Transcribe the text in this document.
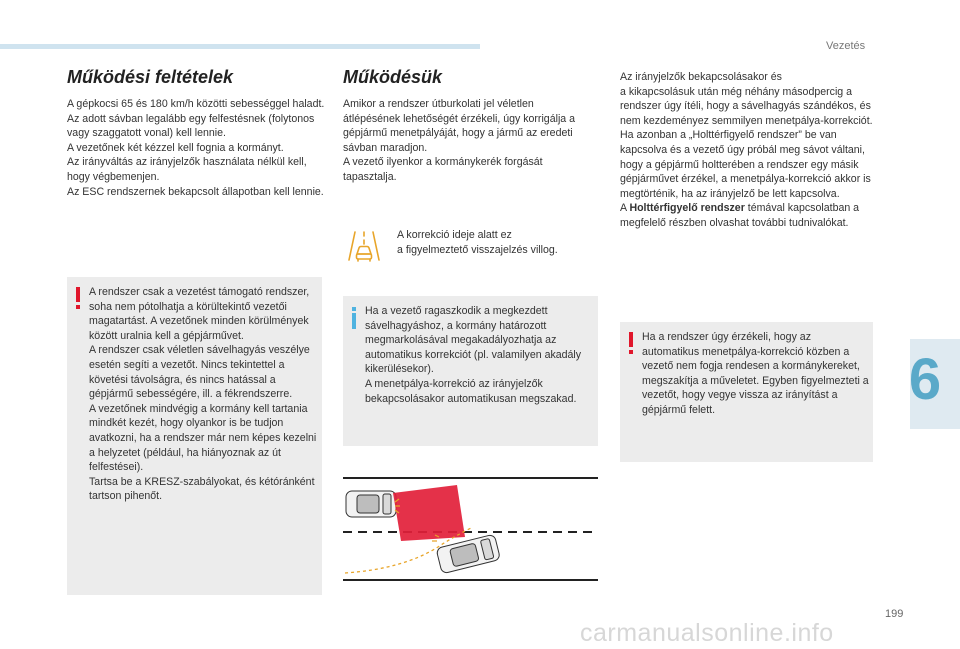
Vezetés
Működési feltételek
A gépkocsi 65 és 180 km/h közötti sebességgel haladt.
Az adott sávban legalább egy felfestésnek (folytonos vagy szaggatott vonal) kell lennie.
A vezetőnek két kézzel kell fognia a kormányt.
Az irányváltás az irányjelzők használata nélkül kell, hogy végbemenjen.
Az ESC rendszernek bekapcsolt állapotban kell lennie.
A rendszer csak a vezetést támogató rendszer, soha nem pótolhatja a körültekintő vezetői magatartást. A vezetőnek minden körülmények között uralnia kell a gépjárművet.
A rendszer csak véletlen sávelhagyás veszélye esetén segíti a vezetőt. Nincs tekintettel a követési távolságra, és nincs hatással a gépjármű sebességére, ill. a fékrendszerre.
A vezetőnek mindvégig a kormány kell tartania mindkét kezét, hogy olyankor is be tudjon avatkozni, ha a rendszer már nem képes kezelni a helyzetet (például, ha hiányoznak az út felfestései).
Tartsa be a KRESZ-szabályokat, és kétóránként tartson pihenőt.
Működésük
Amikor a rendszer útburkolati jel véletlen átlépésének lehetőségét érzékeli, úgy korrigálja a gépjármű menetpályáját, hogy a jármű az eredeti sávban maradjon.
A vezető ilyenkor a kormánykerék forgását tapasztalja.
A korrekció ideje alatt ez
a figyelmeztető visszajelzés villog.
Ha a vezető ragaszkodik a megkezdett sávelhagyáshoz, a kormány határozott megmarkolásával megakadályozhatja az automatikus korrekciót (pl. valamilyen akadály kikerülésekor).
A menetpálya-korrekció az irányjelzők bekapcsolásakor automatikusan megszakad.
Az irányjelzők bekapcsolásakor és
a kikapcsolásuk után még néhány másodpercig a rendszer úgy ítéli, hogy a sávelhagyás szándékos, és nem kezdeményez semmilyen menetpálya-korrekciót.
Ha azonban a „Holttérfigyelő rendszer” be van kapcsolva és a vezető úgy próbál meg sávot váltani, hogy a gépjármű holtterében a rendszer egy másik gépjárművet érzékel, a menetpálya-korrekció akkor is megtörténik, ha az irányjelző be lett kapcsolva.
A Holttérfigyelő rendszer témával kapcsolatban a megfelelő részben olvashat további tudnivalókat.
Ha a rendszer úgy érzékeli, hogy az automatikus menetpálya-korrekció közben a vezető nem fogja rendesen a kormánykereket, megszakítja a műveletet. Egyben figyelmezteti a vezetőt, hogy vegye vissza az irányítást a gépjármű felett.	6
199
carmanualsonline.info
